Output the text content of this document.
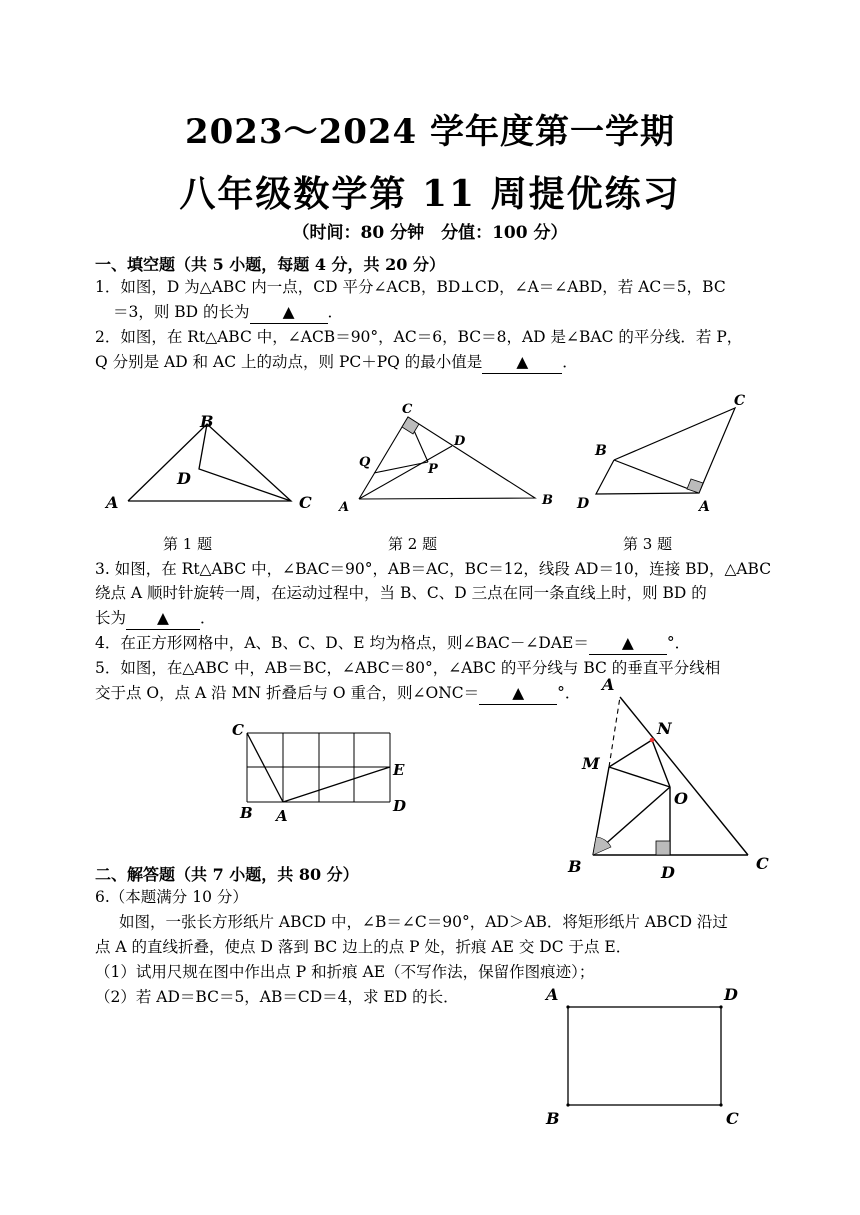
2023～2024 学年度第一学期
八年级数学第 11 周提优练习
（时间：80 分钟　分值：100 分）
一、填空题（共 5 小题，每题 4 分，共 20 分）
1．如图，D 为△ABC 内一点，CD 平分∠ACB，BD⊥CD，∠A＝∠ABD，若 AC＝5，BC
＝3，则 BD 的长为 ▲ ．
2．如图，在 Rt△ABC 中，∠ACB＝90°，AC＝6，BC＝8，AD 是∠BAC 的平分线．若 P，
Q 分别是 AD 和 AC 上的动点，则 PC＋PQ 的最小值是 ▲ ．
B
A	C
D
C
D
Q	P
A	B
C
B
D	A
第 1 题	第 2 题	第 3 题
3. 如图，在 Rt△ABC 中，∠BAC＝90°，AB＝AC，BC＝12，线段 AD＝10，连接 BD，△ABC
绕点 A 顺时针旋转一周，在运动过程中，当 B、C、D 三点在同一条直线上时，则 BD 的
长为 ▲ ．
4．在正方形网格中，A、B、C、D、E 均为格点，则∠BAC－∠DAE＝ ▲ °．
5．如图，在△ABC 中，AB＝BC，∠ABC＝80°，∠ABC 的平分线与 BC 的垂直平分线相
交于点 O，点 A 沿 MN 折叠后与 O 重合，则∠ONC＝ ▲ °．
C
E
D
B A
A
N
M
O
B	D	C
二、解答题（共 7 小题，共 80 分）
6.（本题满分 10 分）
如图，一张长方形纸片 ABCD 中，∠B＝∠C＝90°，AD＞AB．将矩形纸片 ABCD 沿过
点 A 的直线折叠，使点 D 落到 BC 边上的点 P 处，折痕 AE 交 DC 于点 E．
（1）试用尺规在图中作出点 P 和折痕 AE（不写作法，保留作图痕迹）；
（2）若 AD＝BC＝5，AB＝CD＝4，求 ED 的长．	A	D
B	C
